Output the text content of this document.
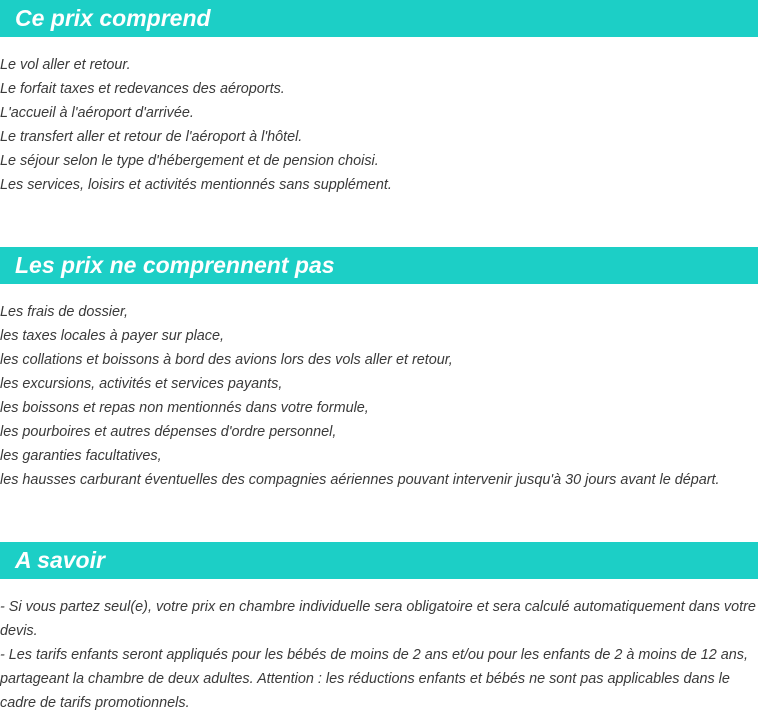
Ce prix comprend
Le vol aller et retour.
Le forfait taxes et redevances des aéroports.
L'accueil à l'aéroport d'arrivée.
Le transfert aller et retour de l'aéroport à l'hôtel.
Le séjour selon le type d'hébergement et de pension choisi.
Les services, loisirs et activités mentionnés sans supplément.
Les prix ne comprennent pas
Les frais de dossier,
les taxes locales à payer sur place,
les collations et boissons à bord des avions lors des vols aller et retour,
les excursions, activités et services payants,
les boissons et repas non mentionnés dans votre formule,
les pourboires et autres dépenses d'ordre personnel,
les garanties facultatives,
les hausses carburant éventuelles des compagnies aériennes pouvant intervenir jusqu'à 30 jours avant le départ.
A savoir
- Si vous partez seul(e), votre prix en chambre individuelle sera obligatoire et sera calculé automatiquement dans votre devis.
- Les tarifs enfants seront appliqués pour les bébés de moins de 2 ans et/ou pour les enfants de 2 à moins de 12 ans, partageant la chambre de deux adultes. Attention : les réductions enfants et bébés ne sont pas applicables dans le cadre de tarifs promotionnels.
